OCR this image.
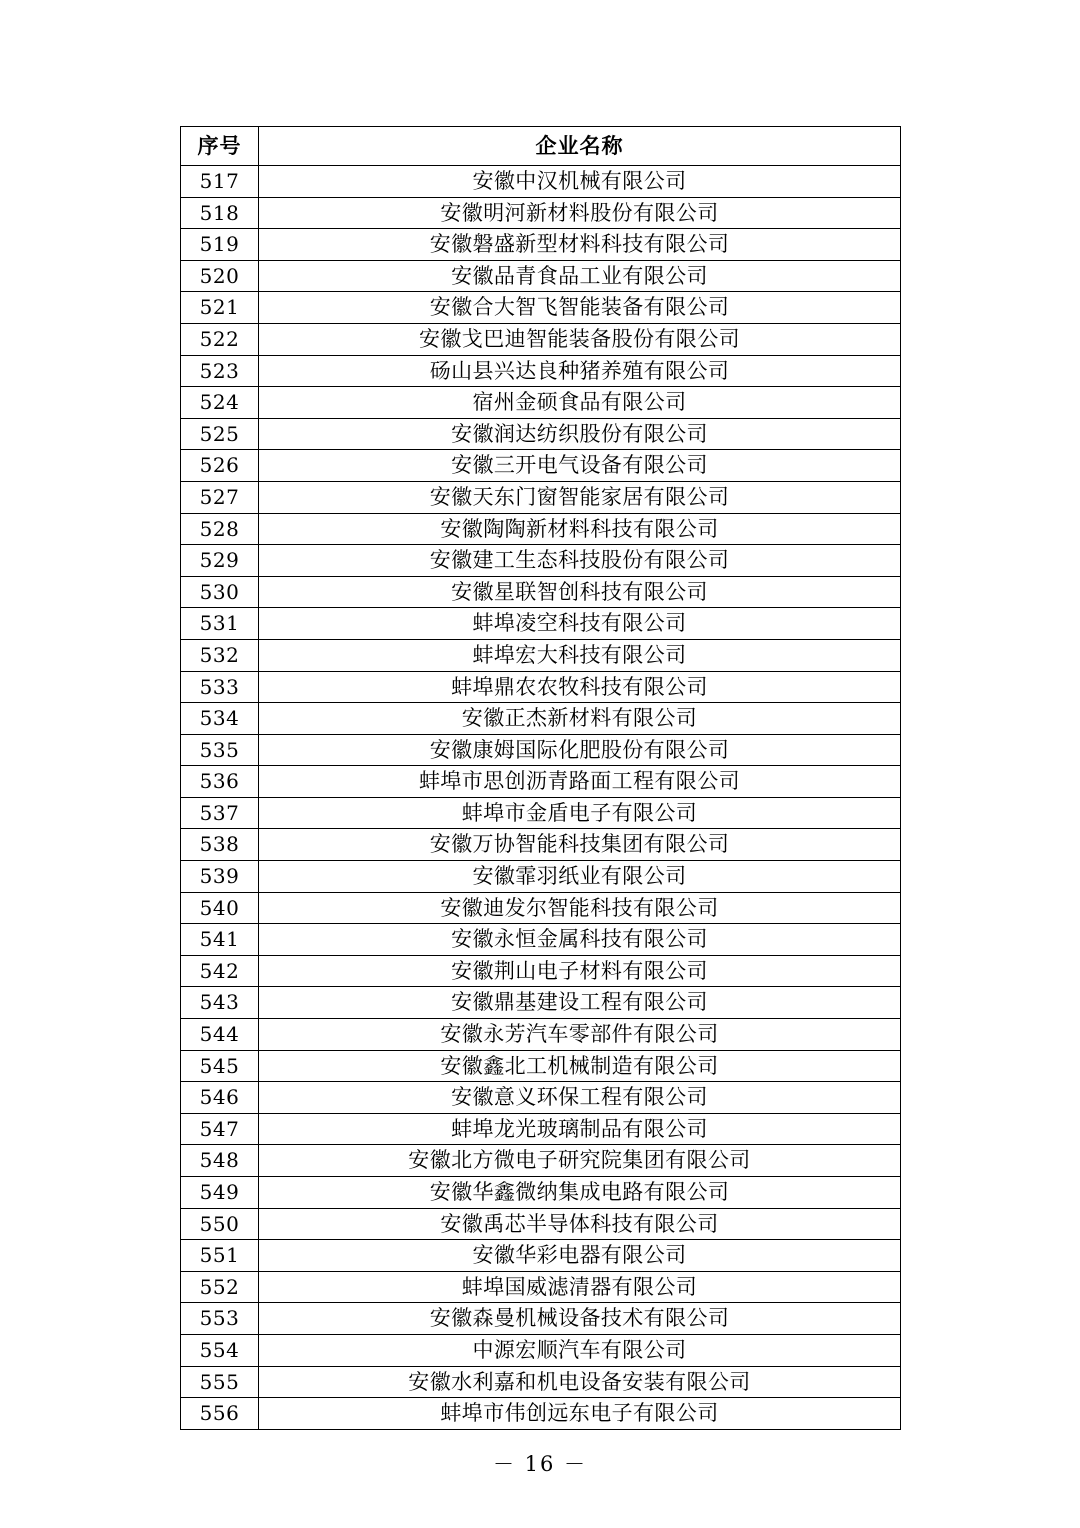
序号	企业名称
517	安徽中汉机械有限公司
518	安徽明河新材料股份有限公司
519	安徽磐盛新型材料科技有限公司
520	安徽品青食品工业有限公司
521	安徽合大智飞智能装备有限公司
522	安徽戈巴迪智能装备股份有限公司
523	砀山县兴达良种猪养殖有限公司
524	宿州金硕食品有限公司
525	安徽润达纺织股份有限公司
526	安徽三开电气设备有限公司
527	安徽天东门窗智能家居有限公司
528	安徽陶陶新材料科技有限公司
529	安徽建工生态科技股份有限公司
530	安徽星联智创科技有限公司
531	蚌埠凌空科技有限公司
532	蚌埠宏大科技有限公司
533	蚌埠鼎农农牧科技有限公司
534	安徽正杰新材料有限公司
535	安徽康姆国际化肥股份有限公司
536	蚌埠市思创沥青路面工程有限公司
537	蚌埠市金盾电子有限公司
538	安徽万协智能科技集团有限公司
539	安徽霏羽纸业有限公司
540	安徽迪发尔智能科技有限公司
541	安徽永恒金属科技有限公司
542	安徽荆山电子材料有限公司
543	安徽鼎基建设工程有限公司
544	安徽永芳汽车零部件有限公司
545	安徽鑫北工机械制造有限公司
546	安徽意义环保工程有限公司
547	蚌埠龙光玻璃制品有限公司
548	安徽北方微电子研究院集团有限公司
549	安徽华鑫微纳集成电路有限公司
550	安徽禹芯半导体科技有限公司
551	安徽华彩电器有限公司
552	蚌埠国威滤清器有限公司
553	安徽森曼机械设备技术有限公司
554	中源宏顺汽车有限公司
555	安徽水利嘉和机电设备安装有限公司
556	蚌埠市伟创远东电子有限公司
－ 16 －
